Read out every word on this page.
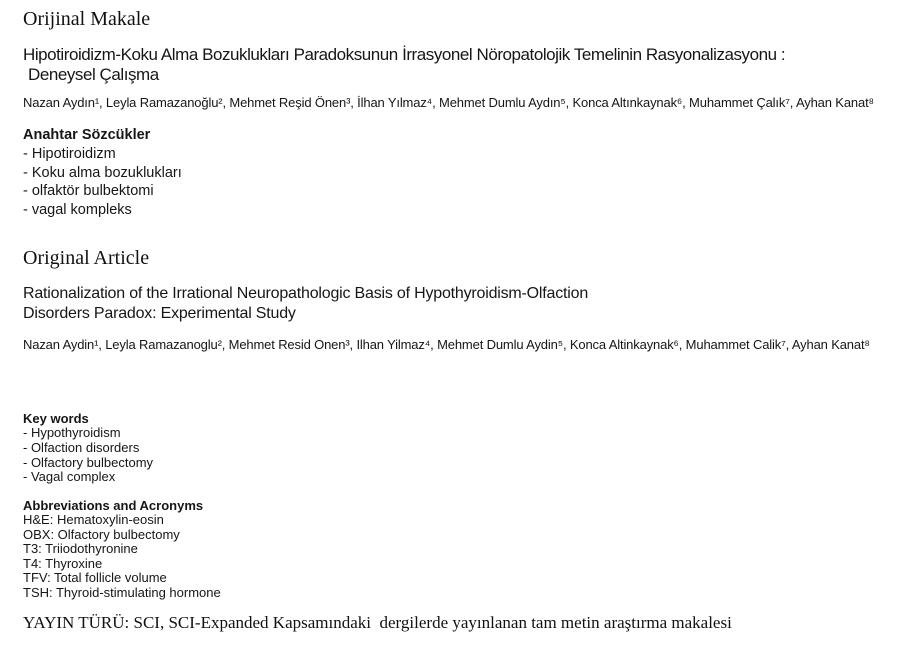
Orijinal Makale
Hipotiroidizm-Koku Alma Bozuklukları Paradoksunun İrrasyonel Nöropatolojik Temelinin Rasyonalizasyonu :
Deneysel Çalışma
Nazan Aydın¹, Leyla Ramazanoğlu², Mehmet Reşid Önen³, İlhan Yılmaz⁴, Mehmet Dumlu Aydın⁵, Konca Altınkaynak⁶, Muhammet Çalık⁷, Ayhan Kanat⁸
Anahtar Sözcükler
- Hipotiroidizm
- Koku alma bozuklukları
- olfaktör bulbektomi
- vagal kompleks
Original Article
Rationalization of the Irrational Neuropathologic Basis of Hypothyroidism-Olfaction
Disorders Paradox: Experimental Study
Nazan Aydin¹, Leyla Ramazanoglu², Mehmet Resid Onen³, Ilhan Yilmaz⁴, Mehmet Dumlu Aydin⁵, Konca Altinkaynak⁶, Muhammet Calik⁷, Ayhan Kanat⁸
Key words
- Hypothyroidism
- Olfaction disorders
- Olfactory bulbectomy
- Vagal complex
Abbreviations and Acronyms
H&E: Hematoxylin-eosin
OBX: Olfactory bulbectomy
T3: Triiodothyronine
T4: Thyroxine
TFV: Total follicle volume
TSH: Thyroid-stimulating hormone
YAYIN TÜRÜ: SCI, SCI-Expanded Kapsamındaki  dergilerde yayınlanan tam metin araştırma makalesi
